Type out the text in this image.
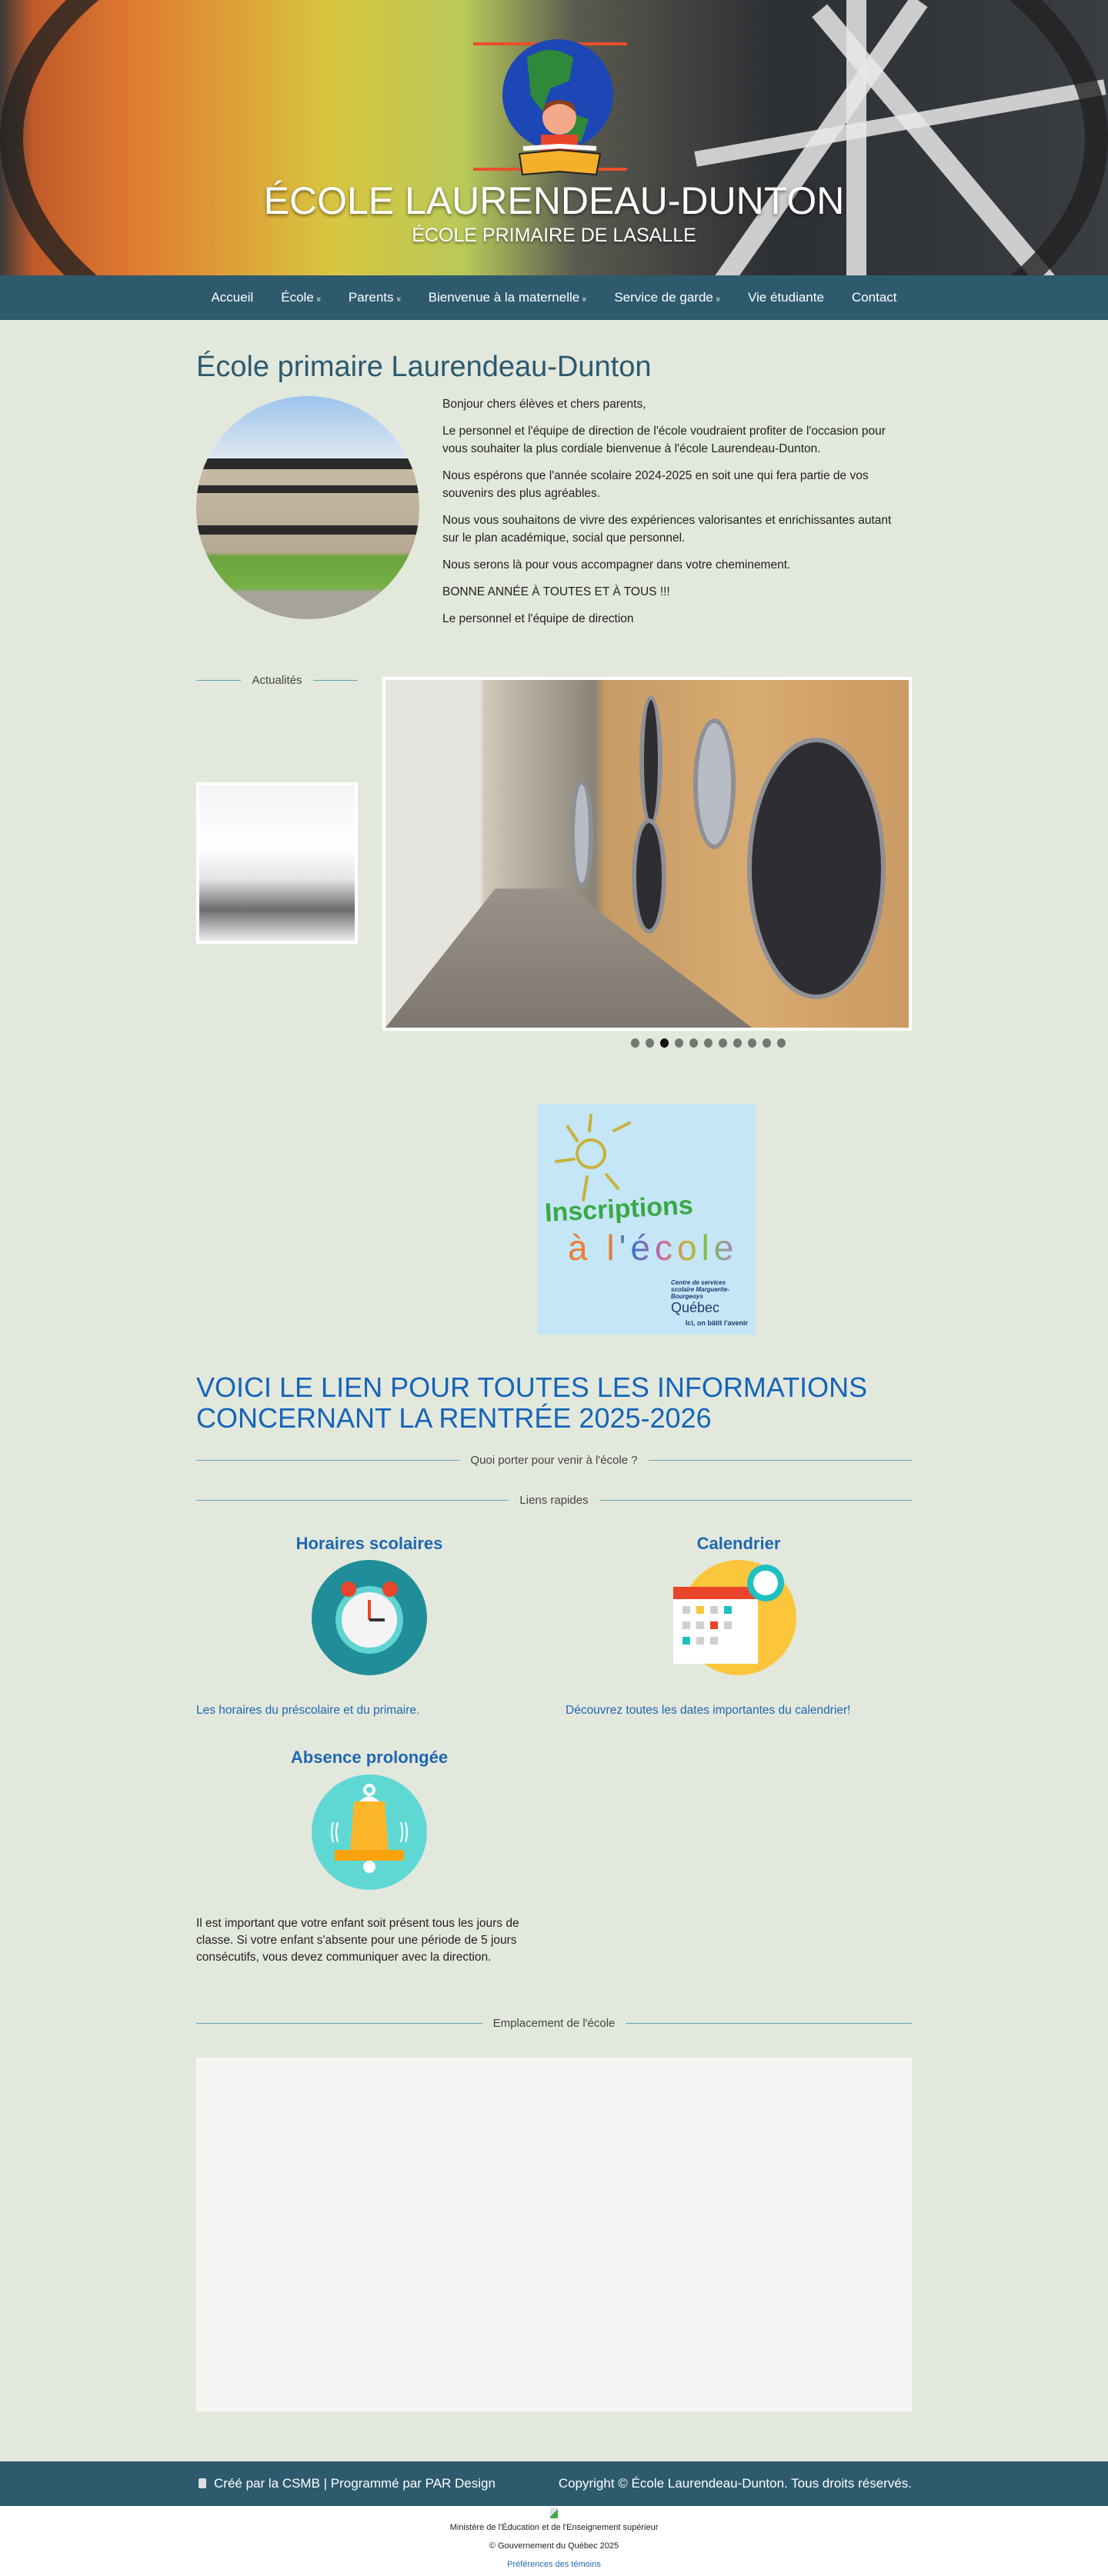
ÉCOLE LAURENDEAU-DUNTON
ÉCOLE PRIMAIRE DE LASALLE
Accueil	École»	Parents»	Bienvenue à la maternelle»	Service de garde»	Vie étudiante	Contact
École primaire Laurendeau-Dunton

Bonjour chers élèves et chers parents,

Le personnel et l'équipe de direction de l'école voudraient profiter de l'occasion pour vous souhaiter la plus cordiale bienvenue à l'école Laurendeau-Dunton.

Nous espérons que l'année scolaire 2024-2025 en soit une qui fera partie de vos souvenirs des plus agréables.

Nous vous souhaitons de vivre des expériences valorisantes et enrichissantes autant sur le plan académique, social que personnel.

Nous serons là pour vous accompagner dans votre cheminement.

BONNE ANNÉE À TOUTES ET À TOUS !!!

Le personnel et l'équipe de direction

Actualités
Inscriptions
à l'école
Centre de services scolaire Marguerite-Bourgeoys
Québec
Ici, on bâtit l'avenir
VOICI LE LIEN POUR TOUTES LES INFORMATIONS CONCERNANT LA RENTRÉE 2025-2026
Quoi porter pour venir à l'école ?
Liens rapides
Horaires scolaires
Les horaires du préscolaire et du primaire.
Calendrier
Découvrez toutes les dates importantes du calendrier!
Absence prolongée

Il est important que votre enfant soit présent tous les jours de classe. Si votre enfant s'absente pour une période de 5 jours consécutifs, vous devez communiquer avec la direction.

Emplacement de l'école
Créé par la CSMB | Programmé par PAR Design	Copyright © École Laurendeau-Dunton. Tous droits réservés.
Ministère de l'Éducation et de l'Enseignement supérieur
© Gouvernement du Québec 2025
Préférences des témoins
